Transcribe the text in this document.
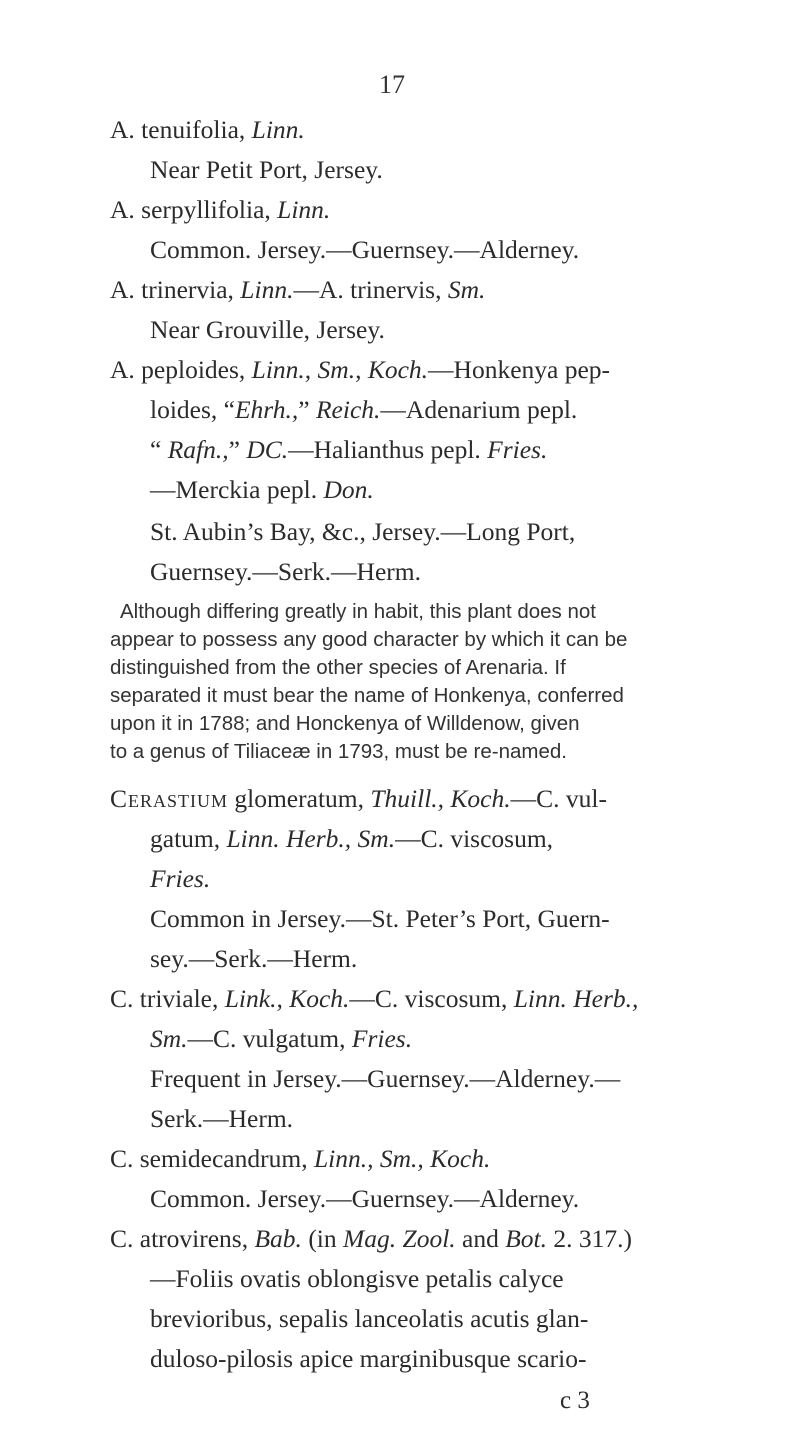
17
A. tenuifolia, Linn.
Near Petit Port, Jersey.
A. serpyllifolia, Linn.
Common. Jersey.—Guernsey.—Alderney.
A. trinervia, Linn.—A. trinervis, Sm.
Near Grouville, Jersey.
A. peploides, Linn., Sm., Koch.—Honkenya pep-
loides, “Ehrh.,” Reich.—Adenarium pepl.
“ Rafn.,” DC.—Halianthus pepl. Fries.
—Merckia pepl. Don.
St. Aubin’s Bay, &c., Jersey.—Long Port,
Guernsey.—Serk.—Herm.
Although differing greatly in habit, this plant does not
appear to possess any good character by which it can be
distinguished from the other species of Arenaria. If
separated it must bear the name of Honkenya, conferred
upon it in 1788; and Honckenya of Willdenow, given
to a genus of Tiliaceæ in 1793, must be re-named.
Cerastium glomeratum, Thuill., Koch.—C. vul-
gatum, Linn. Herb., Sm.—C. viscosum,
Fries.
Common in Jersey.—St. Peter’s Port, Guern-
sey.—Serk.—Herm.
C. triviale, Link., Koch.—C. viscosum, Linn. Herb.,
Sm.—C. vulgatum, Fries.
Frequent in Jersey.—Guernsey.—Alderney.—
Serk.—Herm.
C. semidecandrum, Linn., Sm., Koch.
Common. Jersey.—Guernsey.—Alderney.
C. atrovirens, Bab. (in Mag. Zool. and Bot. 2. 317.)
—Foliis ovatis oblongisve petalis calyce
brevioribus, sepalis lanceolatis acutis glan-
duloso-pilosis apice marginibusque scario-
c 3
